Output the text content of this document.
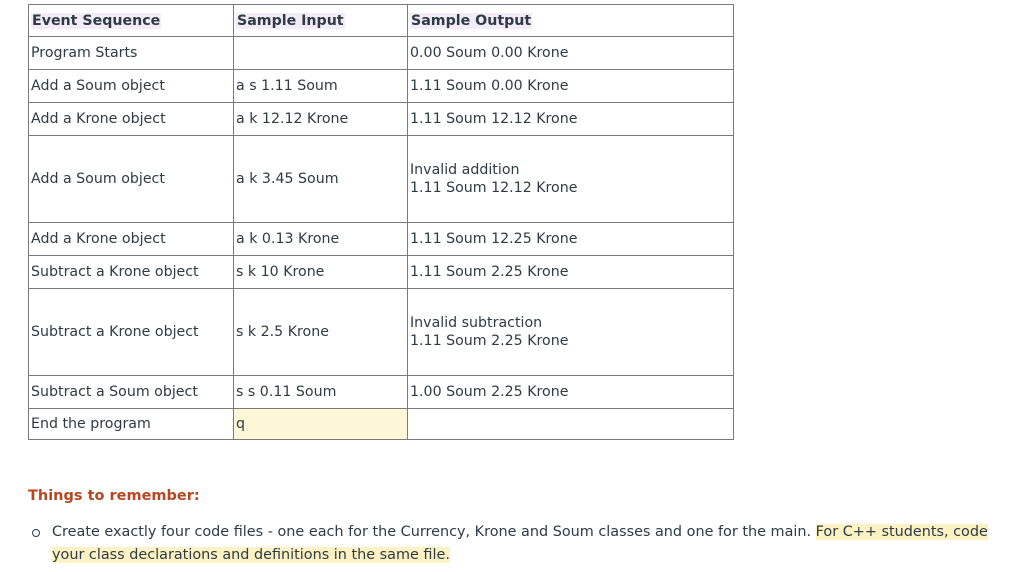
Event Sequence	Sample Input	Sample Output
Program Starts		0.00 Soum 0.00 Krone
Add a Soum object	a s 1.11 Soum	1.11 Soum 0.00 Krone
Add a Krone object	a k 12.12 Krone	1.11 Soum 12.12 Krone
Add a Soum object	a k 3.45 Soum	Invalid addition
1.11 Soum 12.12 Krone

Add a Krone object	a k 0.13 Krone	1.11 Soum 12.25 Krone
Subtract a Krone object	s k 10 Krone	1.11 Soum 2.25 Krone
Subtract a Krone object	s k 2.5 Krone	Invalid subtraction
1.11 Soum 2.25 Krone

Subtract a Soum object	s s 0.11 Soum	1.00 Soum 2.25 Krone
End the program	q	
Things to remember:
Create exactly four code files - one each for the Currency, Krone and Soum classes and one for the main. For C++ students, code your class declarations and definitions in the same file.
